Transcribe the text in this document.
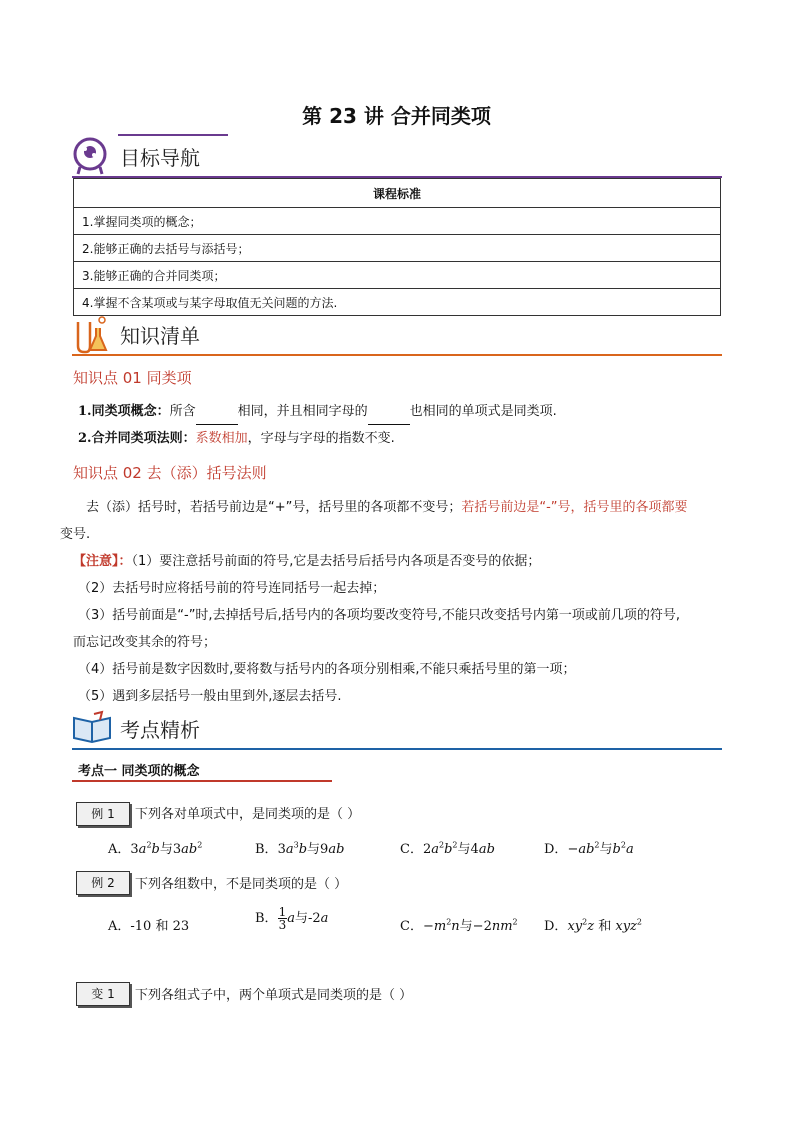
第 23 讲 合并同类项
目标导航
课程标准
1.掌握同类项的概念；
2.能够正确的去括号与添括号；
3.能够正确的合并同类项；
4.掌握不含某项或与某字母取值无关问题的方法.
知识清单
知识点 01 同类项
1.同类项概念：所含	相同，并且相同字母的	也相同的单项式是同类项.
2.合并同类项法则：系数相加，字母与字母的指数不变.
知识点 02 去（添）括号法则
去（添）括号时，若括号前边是“+”号，括号里的各项都不变号；若括号前边是“-”号，括号里的各项都要
变号.
【注意】：（1）要注意括号前面的符号,它是去括号后括号内各项是否变号的依据；
（2）去括号时应将括号前的符号连同括号一起去掉；
（3）括号前面是“-”时,去掉括号后,括号内的各项均要改变符号,不能只改变括号内第一项或前几项的符号,
而忘记改变其余的符号；
（4）括号前是数字因数时,要将数与括号内的各项分别相乘,不能只乘括号里的第一项；
（5）遇到多层括号一般由里到外,逐层去括号.
考点精析
考点一 同类项的概念
例 1	下列各对单项式中，是同类项的是（ ）
A．$3a^2b$与$3ab^2$	B．$3a^3b$与9ab	C．$2a^2b^2$与4ab	D．$-ab^2$与$b^2a$
例 2	下列各组数中，不是同类项的是（ ）
A．-10 和 23
B． $\frac{1}{3}$ a与-2a
C．$-m^2n$与$-2nm^2$ D．$xy^2z$ 和 xyz$^2$
变 1	下列各组式子中，两个单项式是同类项的是（ ）
